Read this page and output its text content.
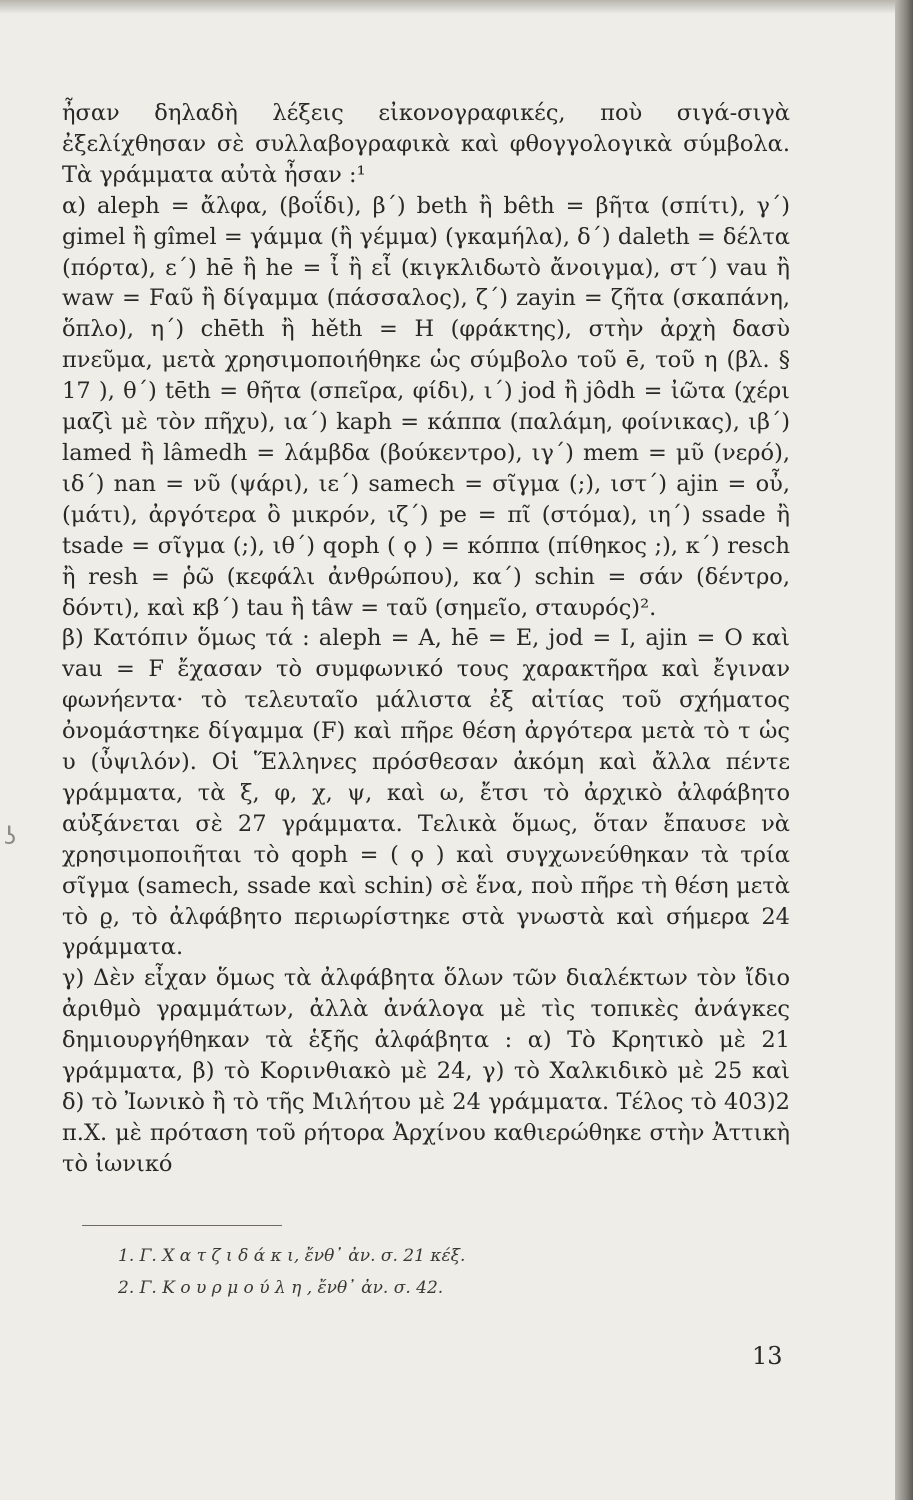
ἦσαν δηλαδὴ λέξεις εἰκονογραφικές, ποὺ σιγά-σιγὰ ἐξελίχθησαν σὲ συλλαβογραφικὰ καὶ φθογγολογικὰ σύμβολα. Τὰ γράμματα αὐτὰ ἦσαν :¹

α) aleph = ἄλφα, (βοΐδι), β΄) beth ἢ bêth = βῆτα (σπίτι), γ΄) gimel ἢ gîmel = γάμμα (ἢ γέμμα) (γκαμήλα), δ΄) daleth = δέλτα (πόρτα), ε΄) hē ἢ he = ἶ ἢ εἶ (κιγκλιδωτὸ ἄνοιγμα), στ΄) vau ἢ waw = Fαῦ ἢ δίγαμμα (πάσσαλος), ζ΄) zayin = ζῆτα (σκαπάνη, ὅπλο), η΄) chēth ἢ hěth = H (φράκτης), στὴν ἀρχὴ δασὺ πνεῦμα, μετὰ χρησιμοποιήθηκε ὡς σύμβολο τοῦ ē, τοῦ η (βλ. § 17 ), θ΄) tēth = θῆτα (σπεῖρα, φίδι), ι΄) jod ἢ jôdh = ἰῶτα (χέρι μαζὶ μὲ τὸν πῆχυ), ια΄) kaph = κάππα (παλάμη, φοίνικας), ιβ΄) lamed ἢ lâmedh = λάμβδα (βούκεντρο), ιγ΄) mem = μῦ (νερό), ιδ΄) nan = νῦ (ψάρι), ιε΄) samech = σῖγμα (;), ιστ΄) ajin = οὖ, (μάτι), ἀργότερα ὂ μικρόν, ιζ΄) pe = πῖ (στόμα), ιη΄) ssade ἢ tsade = σῖγμα (;), ιθ΄) qoph ( ϙ ) = κόππα (πίθηκος ;), κ΄) resch ἢ resh = ῥῶ (κεφάλι ἀνθρώπου), κα΄) schin = σάν (δέντρο, δόντι), καὶ κβ΄) tau ἢ tâw = ταῦ (σημεῖο, σταυρός)².

β) Κατόπιν ὅμως τά : aleph = A, hē = E, jod = I, ajin = O καὶ vau = F ἔχασαν τὸ συμφωνικό τους χαρακτῆρα καὶ ἔγιναν φωνήεντα· τὸ τελευταῖο μάλιστα ἐξ αἰτίας τοῦ σχήματος ὀνομάστηκε δίγαμμα (F) καὶ πῆρε θέση ἀργότερα μετὰ τὸ τ ὡς υ (ὖψιλόν). Οἱ Ἕλληνες πρόσθεσαν ἀκόμη καὶ ἄλλα πέντε γράμματα, τὰ ξ, φ, χ, ψ, καὶ ω, ἔτσι τὸ ἀρχικὸ ἀλφάβητο αὐξάνεται σὲ 27 γράμματα. Τελικὰ ὅμως, ὅταν ἔπαυσε νὰ χρησιμοποιῆται τὸ qoph = ( ϙ ) καὶ συγχωνεύθηκαν τὰ τρία σῖγμα (samech, ssade καὶ schin) σὲ ἕνα, ποὺ πῆρε τὴ θέση μετὰ τὸ ϱ, τὸ ἀλφάβητο περιωρίστηκε στὰ γνωστὰ καὶ σήμερα 24 γράμματα.

γ) Δὲν εἶχαν ὅμως τὰ ἀλφάβητα ὅλων τῶν διαλέκτων τὸν ἴδιο ἀριθμὸ γραμμάτων, ἀλλὰ ἀνάλογα μὲ τὶς τοπικὲς ἀνάγκες δημιουργήθηκαν τὰ ἑξῆς ἀλφάβητα : α) Τὸ Κρητικὸ μὲ 21 γράμματα, β) τὸ Κορινθιακὸ μὲ 24, γ) τὸ Χαλκιδικὸ μὲ 25 καὶ δ) τὸ Ἰωνικὸ ἢ τὸ τῆς Μιλήτου μὲ 24 γράμματα. Τέλος τὸ 403)2 π.Χ. μὲ πρόταση τοῦ ρήτορα Ἀρχίνου καθιερώθηκε στὴν Ἀττικὴ τὸ ἰωνικό

1. Γ. Χ α τ ζ ι δ ά κ ι, ἔνθ᾽ ἀν. σ. 21 κέξ.
2. Γ. Κ ο υ ρ μ ο ύ λ η , ἔνθ᾽ ἀν. σ. 42.
13
ʖ
